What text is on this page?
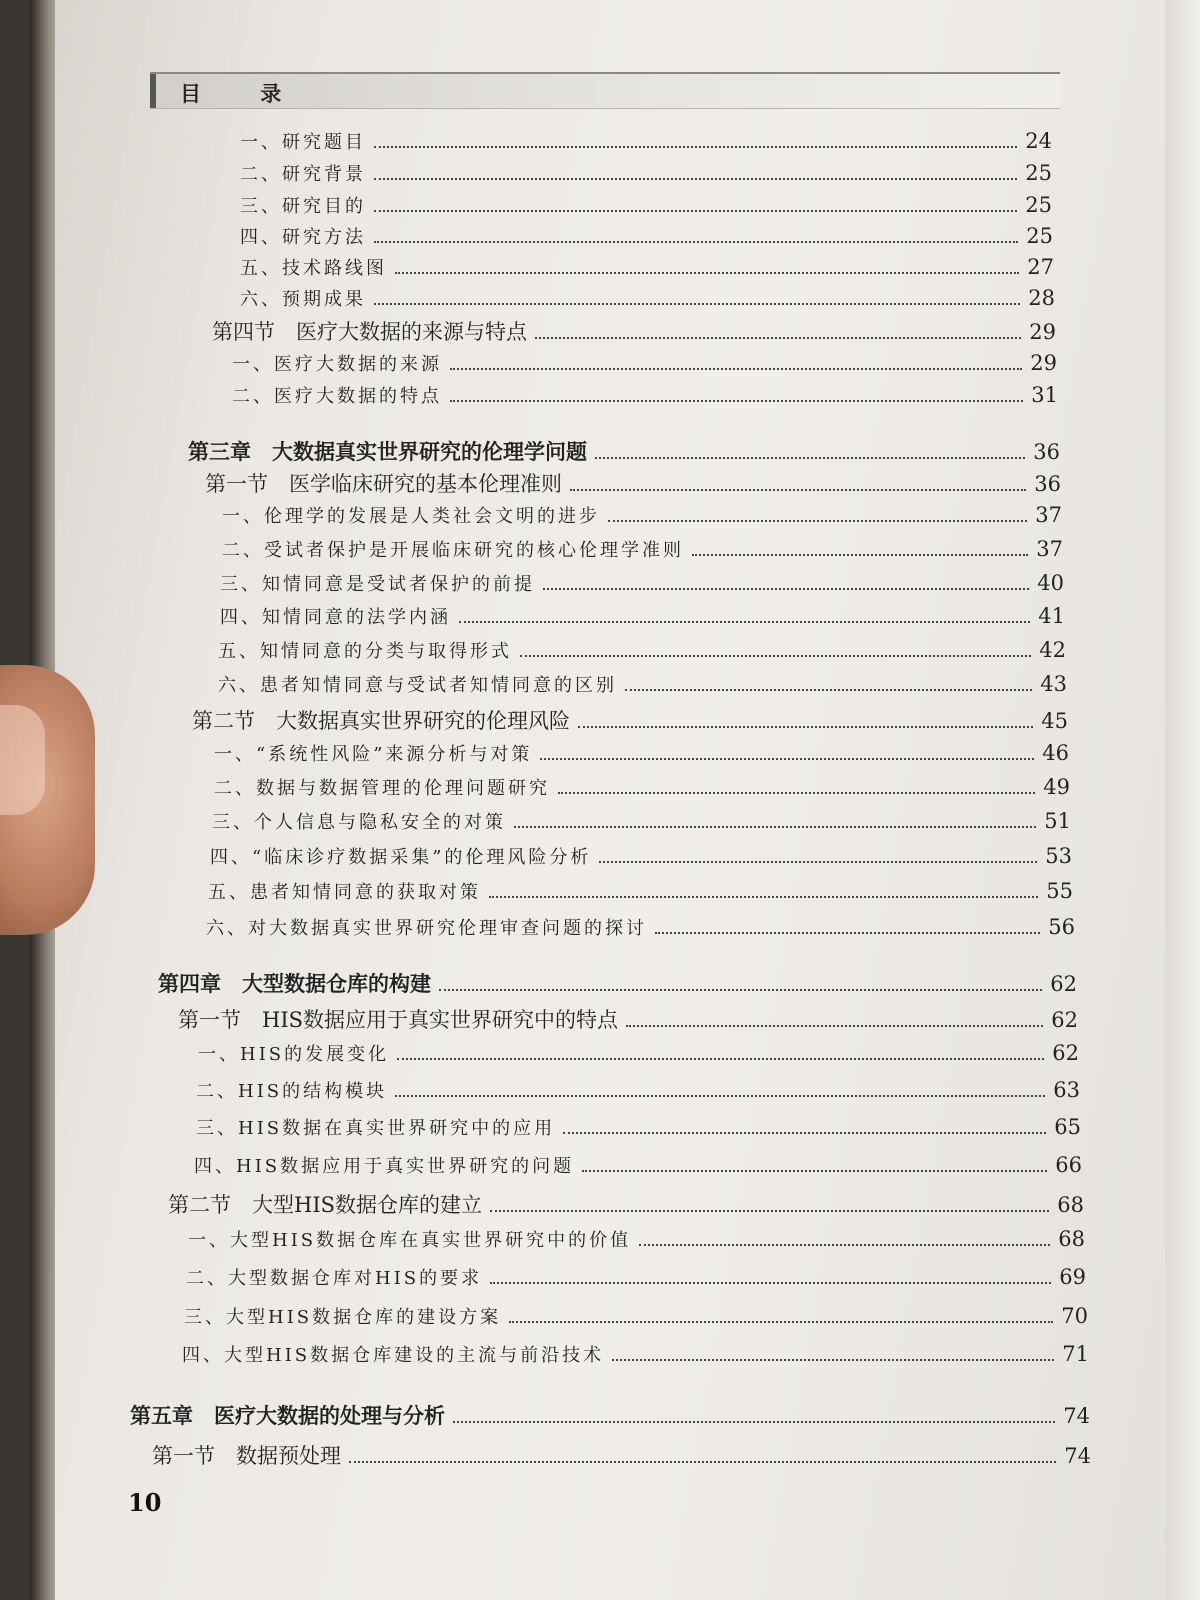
目 录
一、研究题目	24
二、研究背景	25
三、研究目的	25
四、研究方法	25
五、技术路线图	27
六、预期成果	28
第四节　医疗大数据的来源与特点	29
一、医疗大数据的来源	29
二、医疗大数据的特点	31
第三章　大数据真实世界研究的伦理学问题	36
第一节　医学临床研究的基本伦理准则	36
一、伦理学的发展是人类社会文明的进步	37
二、受试者保护是开展临床研究的核心伦理学准则	37
三、知情同意是受试者保护的前提	40
四、知情同意的法学内涵	41
五、知情同意的分类与取得形式	42
六、患者知情同意与受试者知情同意的区别	43
第二节　大数据真实世界研究的伦理风险	45
一、“系统性风险”来源分析与对策	46
二、数据与数据管理的伦理问题研究	49
三、个人信息与隐私安全的对策	51
四、“临床诊疗数据采集”的伦理风险分析	53
五、患者知情同意的获取对策	55
六、对大数据真实世界研究伦理审查问题的探讨	56
第四章　大型数据仓库的构建	62
第一节　HIS数据应用于真实世界研究中的特点	62
一、HIS的发展变化	62
二、HIS的结构模块	63
三、HIS数据在真实世界研究中的应用	65
四、HIS数据应用于真实世界研究的问题	66
第二节　大型HIS数据仓库的建立	68
一、大型HIS数据仓库在真实世界研究中的价值	68
二、大型数据仓库对HIS的要求	69
三、大型HIS数据仓库的建设方案	70
四、大型HIS数据仓库建设的主流与前沿技术	71
第五章　医疗大数据的处理与分析	74
第一节　数据预处理	74
10
